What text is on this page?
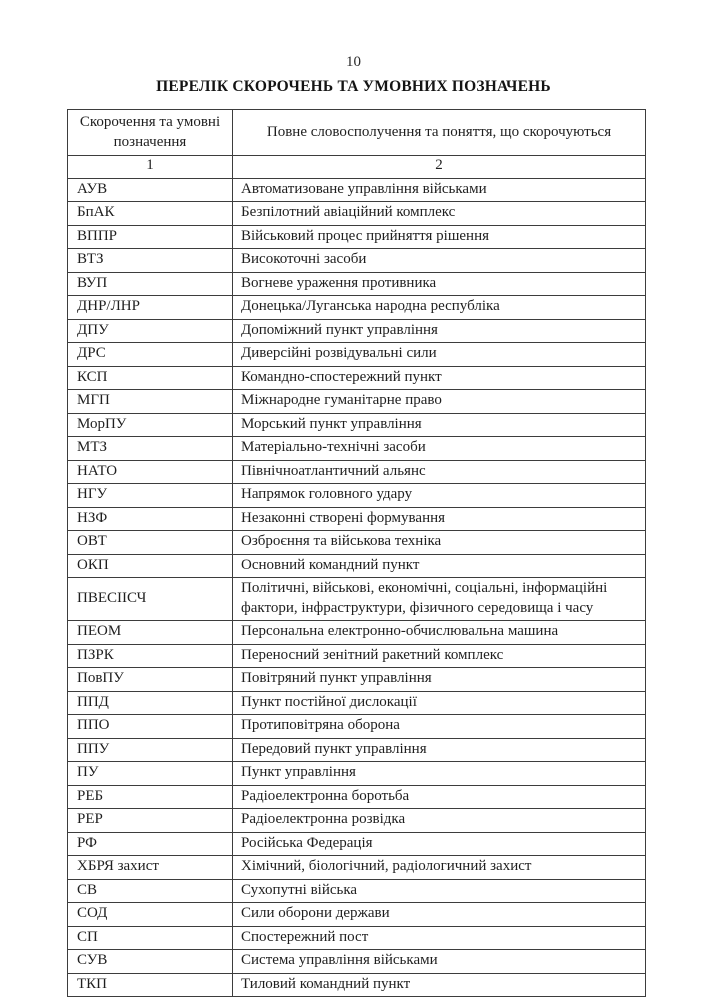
10
ПЕРЕЛІК СКОРОЧЕНЬ ТА УМОВНИХ ПОЗНАЧЕНЬ
Скорочення та умовні позначення	Повне словосполучення та поняття, що скорочуються
1	2
АУВ	Автоматизоване управління військами
БпАК	Безпілотний авіаційний комплекс
ВППР	Військовий процес прийняття рішення
ВТЗ	Високоточні засоби
ВУП	Вогневе ураження противника
ДНР/ЛНР	Донецька/Луганська народна республіка
ДПУ	Допоміжний пункт управління
ДРС	Диверсійні розвідувальні сили
КСП	Командно-спостережний пункт
МГП	Міжнародне гуманітарне право
МорПУ	Морський пункт управління
МТЗ	Матеріально-технічні засоби
НАТО	Північноатлантичний альянс
НГУ	Напрямок головного удару
НЗФ	Незаконні створені формування
ОВТ	Озброєння та військова техніка
ОКП	Основний командний пункт
ПВЕСІІСЧ	Політичні, військові, економічні, соціальні, інформаційні фактори, інфраструктури, фізичного середовища і часу
ПЕОМ	Персональна електронно-обчислювальна машина
ПЗРК	Переносний зенітний ракетний комплекс
ПовПУ	Повітряний пункт управління
ППД	Пункт постійної дислокації
ППО	Протиповітряна оборона
ППУ	Передовий пункт управління
ПУ	Пункт управління
РЕБ	Радіоелектронна боротьба
РЕР	Радіоелектронна розвідка
РФ	Російська Федерація
ХБРЯ захист	Хімічний, біологічний, радіологичний захист
СВ	Сухопутні війська
СОД	Сили оборони держави
СП	Спостережний пост
СУВ	Система управління військами
ТКП	Тиловий командний пункт
